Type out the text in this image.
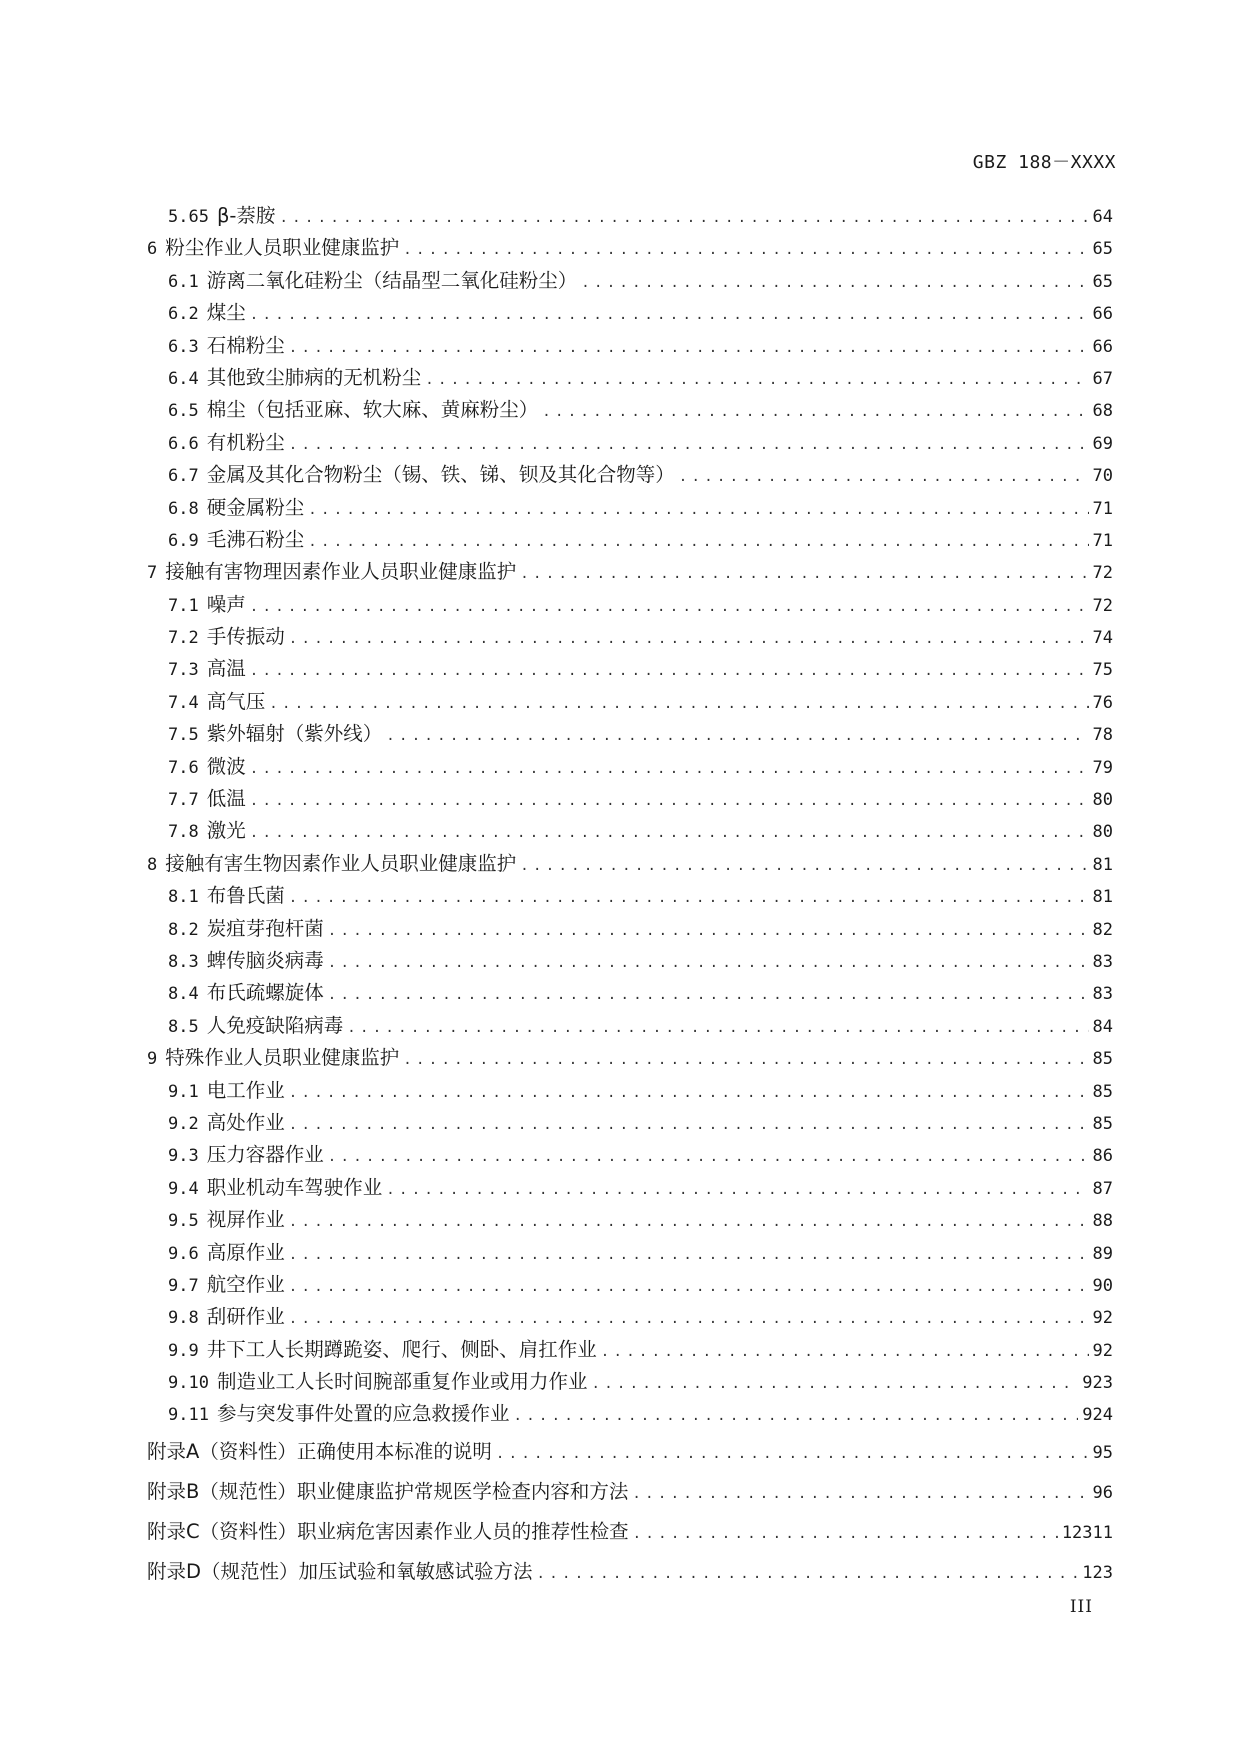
GBZ 188－XXXX
5.65 β-萘胺 .....	64
6 粉尘作业人员职业健康监护 .....	65
6.1 游离二氧化硅粉尘（结晶型二氧化硅粉尘） .....	65
6.2 煤尘 .....	66
6.3 石棉粉尘 .....	66
6.4 其他致尘肺病的无机粉尘 .....	67
6.5 棉尘（包括亚麻、软大麻、黄麻粉尘） .....	68
6.6 有机粉尘 .....	69
6.7 金属及其化合物粉尘（锡、铁、锑、钡及其化合物等） .....	70
6.8 硬金属粉尘 .....	71
6.9 毛沸石粉尘 .....	71
7 接触有害物理因素作业人员职业健康监护 .....	72
7.1 噪声 .....	72
7.2 手传振动 .....	74
7.3 高温 .....	75
7.4 高气压 .....	76
7.5 紫外辐射（紫外线） .....	78
7.6 微波 .....	79
7.7 低温 .....	80
7.8 激光 .....	80
8 接触有害生物因素作业人员职业健康监护 .....	81
8.1 布鲁氏菌 .....	81
8.2 炭疽芽孢杆菌 .....	82
8.3 蜱传脑炎病毒 .....	83
8.4 布氏疏螺旋体 .....	83
8.5 人免疫缺陷病毒 .....	84
9 特殊作业人员职业健康监护 .....	85
9.1 电工作业 .....	85
9.2 高处作业 .....	85
9.3 压力容器作业 .....	86
9.4 职业机动车驾驶作业 .....	87
9.5 视屏作业 .....	88
9.6 高原作业 .....	89
9.7 航空作业 .....	90
9.8 刮研作业 .....	92
9.9 井下工人长期蹲跪姿、爬行、侧卧、肩扛作业 .....	92
9.10 制造业工人长时间腕部重复作业或用力作业 .....	923
9.11 参与突发事件处置的应急救援作业 .....	924
附录A（资料性） 正确使用本标准的说明 .....	95
附录B（规范性） 职业健康监护常规医学检查内容和方法 .....	96
附录C（资料性） 职业病危害因素作业人员的推荐性检查 .....	12311
附录D（规范性） 加压试验和氧敏感试验方法 .....	123
III
